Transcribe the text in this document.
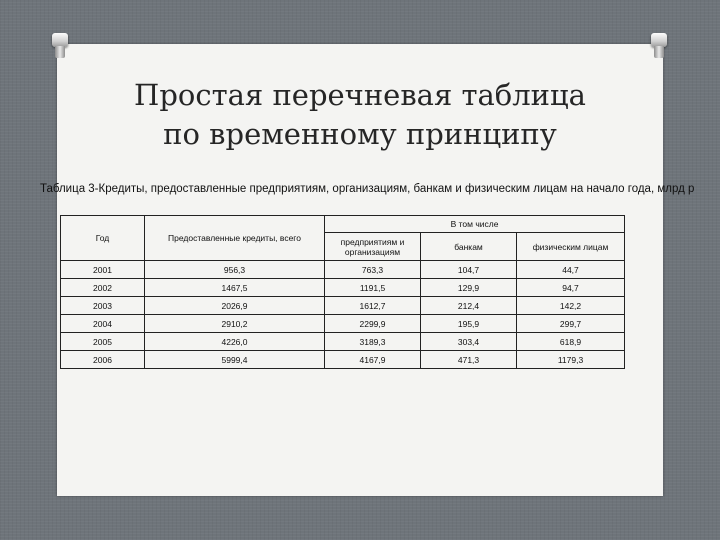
Простая перечневая таблица
по временному принципу
Таблица 3-Кредиты, предоставленные предприятиям, организациям, банкам и физическим лицам на начало года, млрд р
Год	Предоставленные кредиты, всего	В том числе		
		предприятиям и организациям	банкам	физическим лицам
2001	956,3	763,3	104,7	44,7
2002	1467,5	1191,5	129,9	94,7
2003	2026,9	1612,7	212,4	142,2
2004	2910,2	2299,9	195,9	299,7
2005	4226,0	3189,3	303,4	618,9
2006	5999,4	4167,9	471,3	1179,3
